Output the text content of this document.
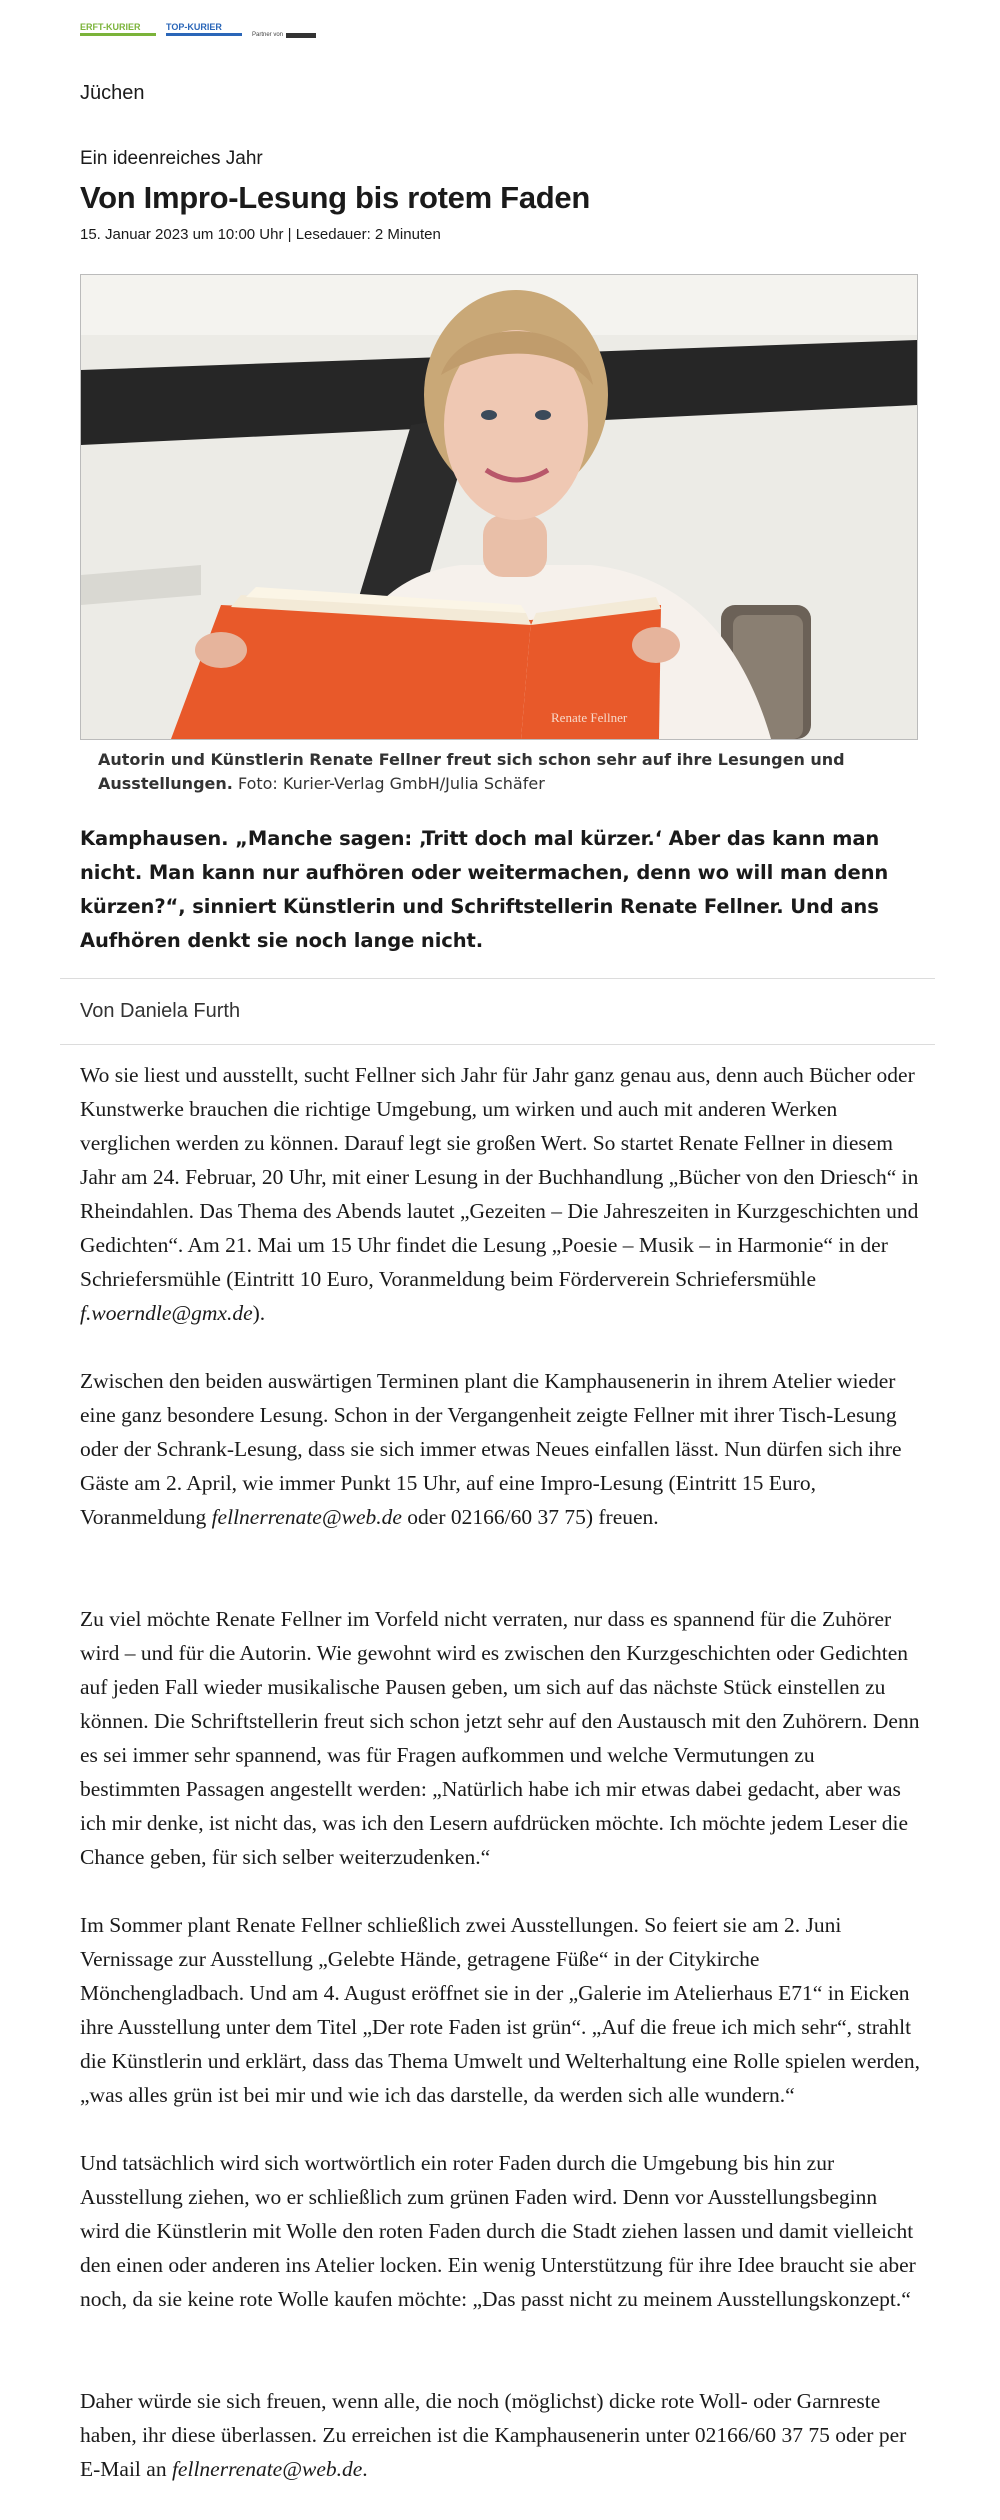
ERFT-KURIER	TOP-KURIER
Partner von
Jüchen
Ein ideenreiches Jahr
Von Impro-Lesung bis rotem Faden
15. Januar 2023 um 10:00 Uhr | Lesedauer: 2 Minuten
Renate Fellner
Autorin und Künstlerin Renate Fellner freut sich schon sehr auf ihre Lesungen und Ausstellungen. Foto: Kurier-Verlag GmbH/Julia Schäfer
Kamphausen. „Manche sagen: ‚Tritt doch mal kürzer.‘ Aber das kann man nicht. Man kann nur aufhören oder weitermachen, denn wo will man denn kürzen?“, sinniert Künstlerin und Schriftstellerin Renate Fellner. Und ans Aufhören denkt sie noch lange nicht.
Von Daniela Furth

Wo sie liest und ausstellt, sucht Fellner sich Jahr für Jahr ganz genau aus, denn auch Bücher oder Kunstwerke brauchen die richtige Umgebung, um wirken und auch mit anderen Werken verglichen werden zu können. Darauf legt sie großen Wert. So startet Renate Fellner in diesem Jahr am 24. Februar, 20 Uhr, mit einer Lesung in der Buchhandlung „Bücher von den Driesch“ in Rheindahlen. Das Thema des Abends lautet „Gezeiten – Die Jahreszeiten in Kurzgeschichten und Gedichten“. Am 21. Mai um 15 Uhr findet die Lesung „Poesie – Musik – in Harmonie“ in der Schriefersmühle (Eintritt 10 Euro, Voranmeldung beim Förderverein Schriefersmühle f.woerndle@gmx.de).

Zwischen den beiden auswärtigen Terminen plant die Kamphausenerin in ihrem Atelier wieder eine ganz besondere Lesung. Schon in der Vergangenheit zeigte Fellner mit ihrer Tisch-Lesung oder der Schrank-Lesung, dass sie sich immer etwas Neues einfallen lässt. Nun dürfen sich ihre Gäste am 2. April, wie immer Punkt 15 Uhr, auf eine Impro-Lesung (Eintritt 15 Euro, Voranmeldung fellnerrenate@web.de oder 02166/60 37 75) freuen.

Zu viel möchte Renate Fellner im Vorfeld nicht verraten, nur dass es spannend für die Zuhörer wird – und für die Autorin. Wie gewohnt wird es zwischen den Kurzgeschichten oder Gedichten auf jeden Fall wieder musikalische Pausen geben, um sich auf das nächste Stück einstellen zu können. Die Schriftstellerin freut sich schon jetzt sehr auf den Austausch mit den Zuhörern. Denn es sei immer sehr spannend, was für Fragen aufkommen und welche Vermutungen zu bestimmten Passagen angestellt werden: „Natürlich habe ich mir etwas dabei gedacht, aber was ich mir denke, ist nicht das, was ich den Lesern aufdrücken möchte. Ich möchte jedem Leser die Chance geben, für sich selber weiterzudenken.“

Im Sommer plant Renate Fellner schließlich zwei Ausstellungen. So feiert sie am 2. Juni Vernissage zur Ausstellung „Gelebte Hände, getragene Füße“ in der Citykirche Mönchengladbach. Und am 4. August eröffnet sie in der „Galerie im Atelierhaus E71“ in Eicken ihre Ausstellung unter dem Titel „Der rote Faden ist grün“. „Auf die freue ich mich sehr“, strahlt die Künstlerin und erklärt, dass das Thema Umwelt und Welterhaltung eine Rolle spielen werden, „was alles grün ist bei mir und wie ich das darstelle, da werden sich alle wundern.“

Und tatsächlich wird sich wortwörtlich ein roter Faden durch die Umgebung bis hin zur Ausstellung ziehen, wo er schließlich zum grünen Faden wird. Denn vor Ausstellungsbeginn wird die Künstlerin mit Wolle den roten Faden durch die Stadt ziehen lassen und damit vielleicht den einen oder anderen ins Atelier locken. Ein wenig Unterstützung für ihre Idee braucht sie aber noch, da sie keine rote Wolle kaufen möchte: „Das passt nicht zu meinem Ausstellungskonzept.“

Daher würde sie sich freuen, wenn alle, die noch (möglichst) dicke rote Woll- oder Garnreste haben, ihr diese überlassen. Zu erreichen ist die Kamphausenerin unter 02166/60 37 75 oder per E-Mail an fellnerrenate@web.de.
